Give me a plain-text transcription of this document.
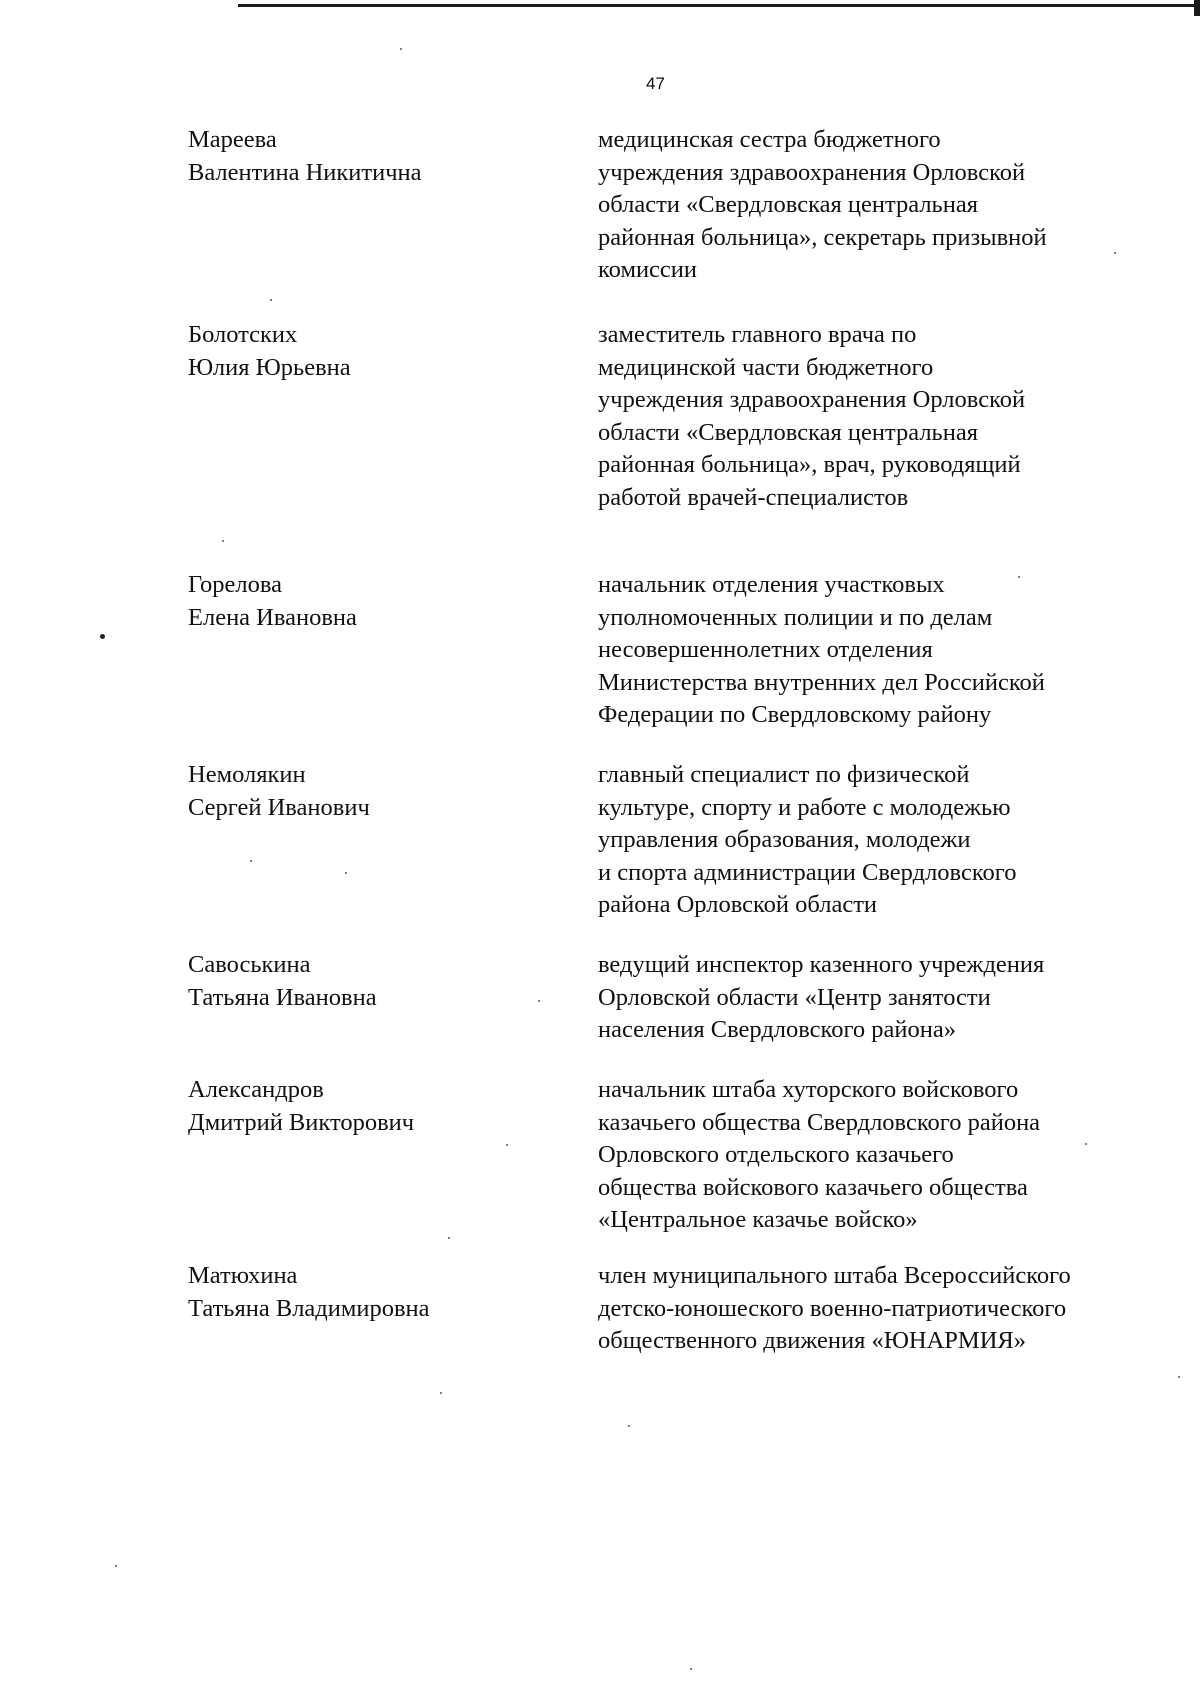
47
Мареева
Валентина Никитична
медицинская сестра бюджетного
учреждения здравоохранения Орловской
области «Свердловская центральная
районная больница», секретарь призывной
комиссии
Болотских
Юлия Юрьевна
заместитель главного врача по
медицинской части бюджетного
учреждения здравоохранения Орловской
области «Свердловская центральная
районная больница», врач, руководящий
работой врачей-специалистов
Горелова
Елена Ивановна
начальник отделения участковых
уполномоченных полиции и по делам
несовершеннолетних отделения
Министерства внутренних дел Российской
Федерации по Свердловскому району
Немолякин
Сергей Иванович
главный специалист по физической
культуре, спорту и работе с молодежью
управления образования, молодежи
и спорта администрации Свердловского
района Орловской области
Савоськина
Татьяна Ивановна
ведущий инспектор казенного учреждения
Орловской области «Центр занятости
населения Свердловского района»
Александров
Дмитрий Викторович
начальник штаба хуторского войскового
казачьего общества Свердловского района
Орловского отдельского казачьего
общества войскового казачьего общества
«Центральное казачье войско»
Матюхина
Татьяна Владимировна
член муниципального штаба Всероссийского
детско-юношеского военно-патриотического
общественного движения «ЮНАРМИЯ»
